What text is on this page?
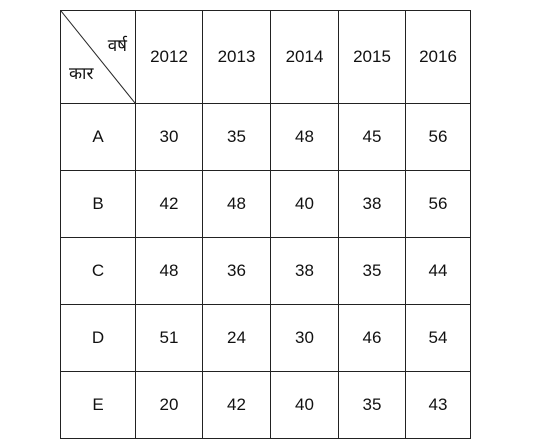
वर्ष
कार	2012	2013	2014	2015	2016
A	30	35	48	45	56
B	42	48	40	38	56
C	48	36	38	35	44
D	51	24	30	46	54
E	20	42	40	35	43
